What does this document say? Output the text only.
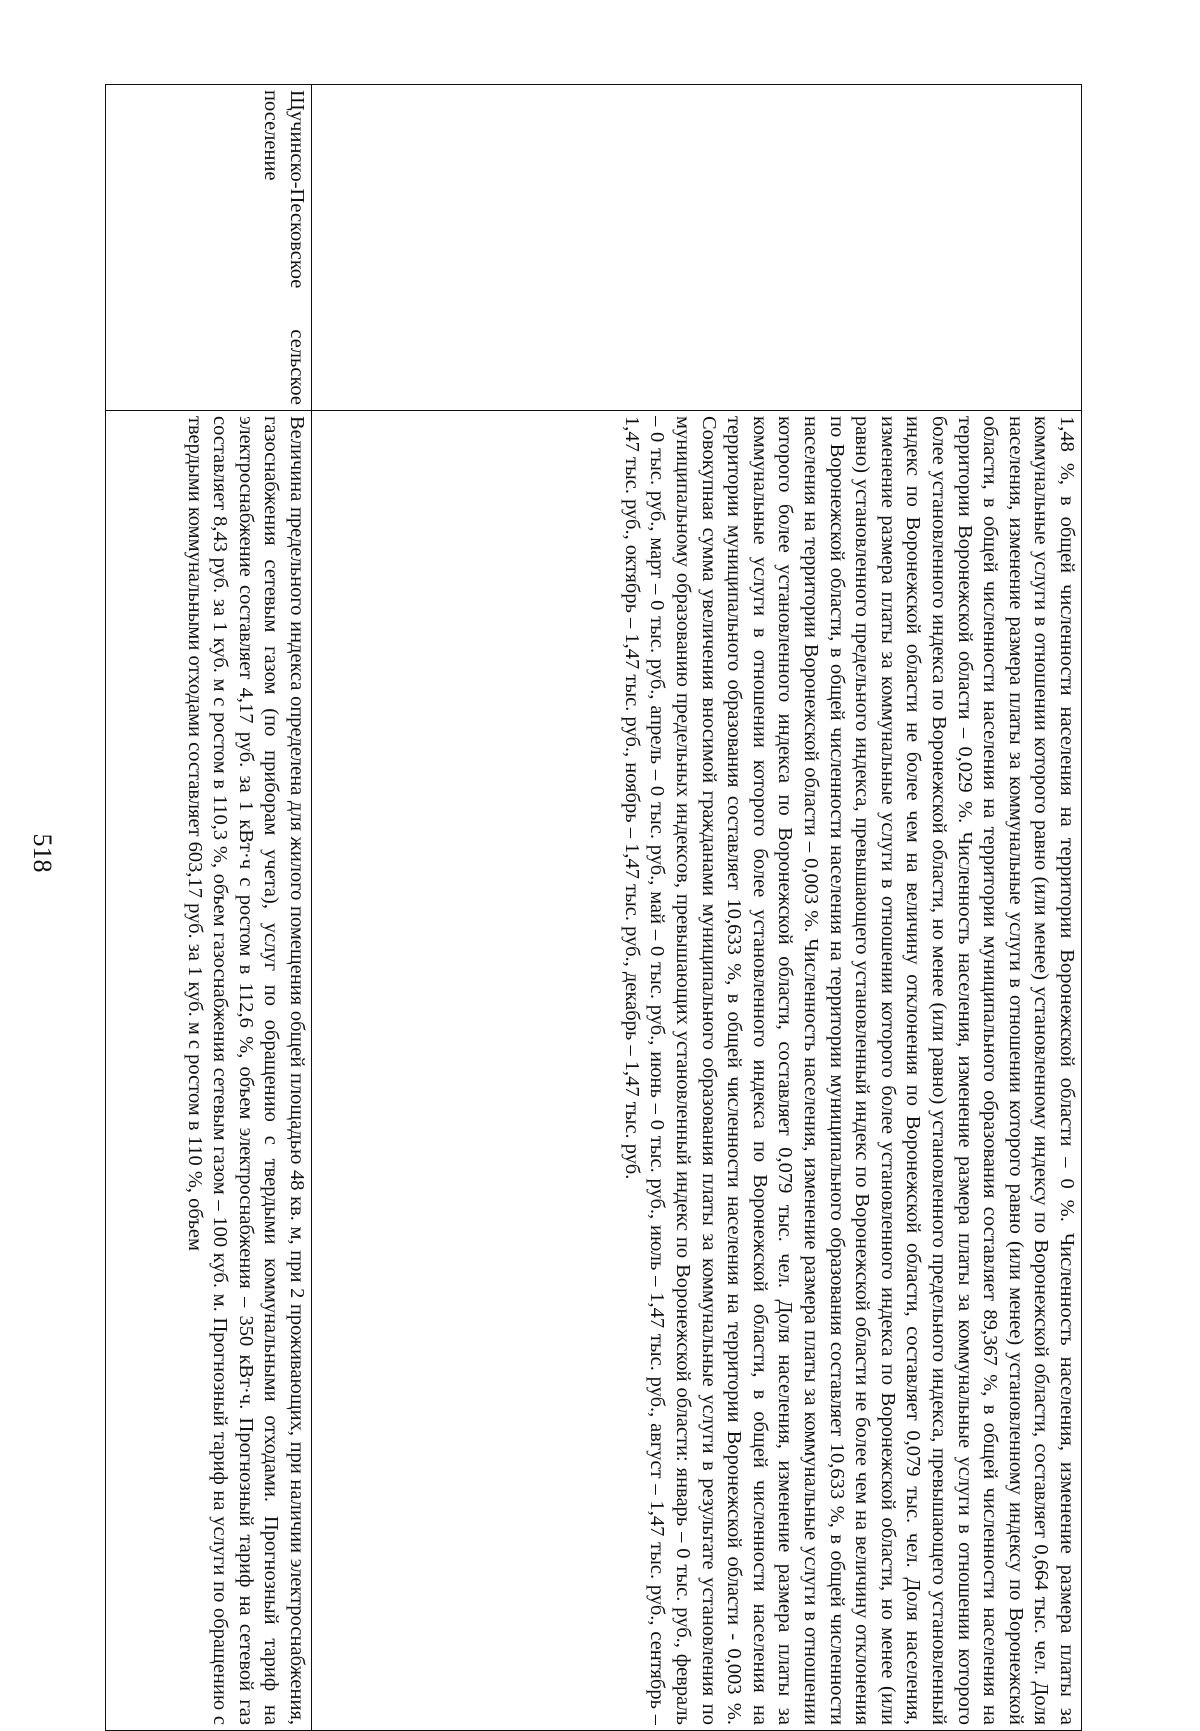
518

	1,48 %, в общей численности населения на территории Воронежской области – 0 %. Численность населения, изменение размера платы за коммунальные услуги в отношении которого равно (или менее) установленному индексу по Воронежской области, составляет 0,664 тыс. чел. Доля населения, изменение размера платы за коммунальные услуги в отношении которого равно (или менее) установленному индексу по Воронежской области, в общей численности населения на территории муниципального образования составляет 89,367 %, в общей численности населения на территории Воронежской области – 0,029 %. Численность населения, изменение размера платы за коммунальные услуги в отношении которого более установленного индекса по Воронежской области, но менее (или равно) установленного предельного индекса, превышающего установленный индекс по Воронежской области не более чем на величину отклонения по Воронежской области, составляет 0,079 тыс. чел. Доля населения, изменение размера платы за коммунальные услуги в отношении которого более установленного индекса по Воронежской области, но менее (или равно) установленного предельного индекса, превышающего установленный индекс по Воронежской области не более чем на величину отклонения по Воронежской области, в общей численности населения на территории муниципального образования составляет 10,633 %, в общей численности населения на территории Воронежской области – 0,003 %. Численность населения, изменение размера платы за коммунальные услуги в отношении которого более установленного индекса по Воронежской области, составляет 0,079 тыс. чел. Доля населения, изменение размера платы за коммунальные услуги в отношении которого более установленного индекса по Воронежской области, в общей численности населения на территории муниципального образования составляет 10,633 %, в общей численности населения на территории Воронежской области - 0,003 %. Совокупная сумма увеличения вносимой гражданами муниципального образования платы за коммунальные услуги в результате установления по муниципальному образованию предельных индексов, превышающих установленный индекс по Воронежской области: январь – 0 тыс. руб., февраль – 0 тыс. руб., март – 0 тыс. руб., апрель – 0 тыс. руб., май – 0 тыс. руб., июнь – 0 тыс. руб., июль – 1,47 тыс. руб., август – 1,47 тыс. руб., сентябрь – 1,47 тыс. руб., октябрь – 1,47 тыс. руб., ноябрь – 1,47 тыс. руб., декабрь – 1,47 тыс. руб.

Щучинско-Песковское сельское поселение	Величина предельного индекса определена для жилого помещения общей площадью 48 кв. м, при 2 проживающих, при наличии электроснабжения, газоснабжения сетевым газом (по приборам учета), услуг по обращению с твердыми коммунальными отходами. Прогнозный тариф на электроснабжение составляет 4,17 руб. за 1 кВт·ч с ростом в 112,6 %, объем электроснабжения – 350 кВт·ч. Прогнозный тариф на сетевой газ составляет 8,43 руб. за 1 куб. м с ростом в 110,3 %, объем газоснабжения сетевым газом – 100 куб. м. Прогнозный тариф на услуги по обращению с твердыми коммунальными отходами составляет 603,17 руб. за 1 куб. м с ростом в 110 %, объем
